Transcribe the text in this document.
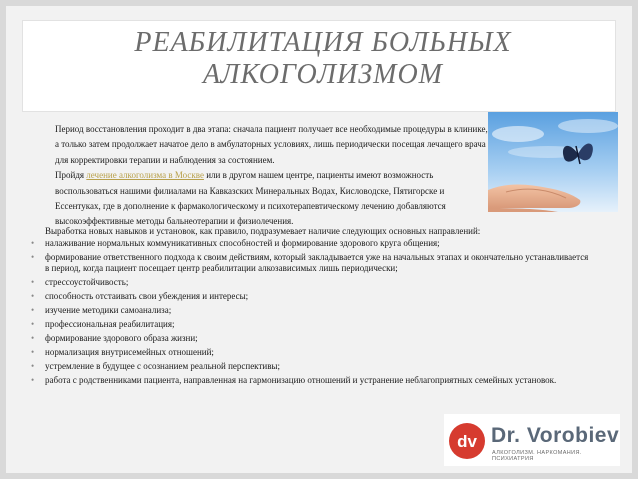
РЕАБИЛИТАЦИЯ БОЛЬНЫХ АЛКОГОЛИЗМОМ

Период восстановления проходит в два этапа: сначала пациент получает все необходимые процедуры в клинике, а только затем продолжает начатое дело в амбулаторных условиях, лишь периодически посещая лечащего врача для корректировки терапии и наблюдения за состоянием.

Пройдя лечение алкоголизма в Москве или в другом нашем центре, пациенты имеют возможность воспользоваться нашими филиалами на Кавказских Минеральных Водах, Кисловодске, Пятигорске и Ессентуках, где в дополнение к фармакологическому и психотерапевтическому лечению добавляются высокоэффективные методы бальнеотерапии и физиолечения.

Выработка новых навыков и установок, как правило, подразумевает наличие следующих основных направлений:
• налаживание нормальных коммуникативных способностей и формирование здорового круга общения;
• формирование ответственного подхода к своим действиям, который закладывается уже на начальных этапах и окончательно устанавливается в период, когда пациент посещает центр реабилитации алкозависимых лишь периодически;
• стрессоустойчивость;
• способность отстаивать свои убеждения и интересы;
• изучение методики самоанализа;
• профессиональная реабилитация;
• формирование здорового образа жизни;
• нормализация внутрисемейных отношений;
• устремление в будущее с осознанием реальной перспективы;
• работа с родственниками пациента, направленная на гармонизацию отношений и устранение неблагоприятных семейных установок.
dv Dr. Vorobiev
АЛКОГОЛИЗМ. НАРКОМАНИЯ. ПСИХИАТРИЯ
